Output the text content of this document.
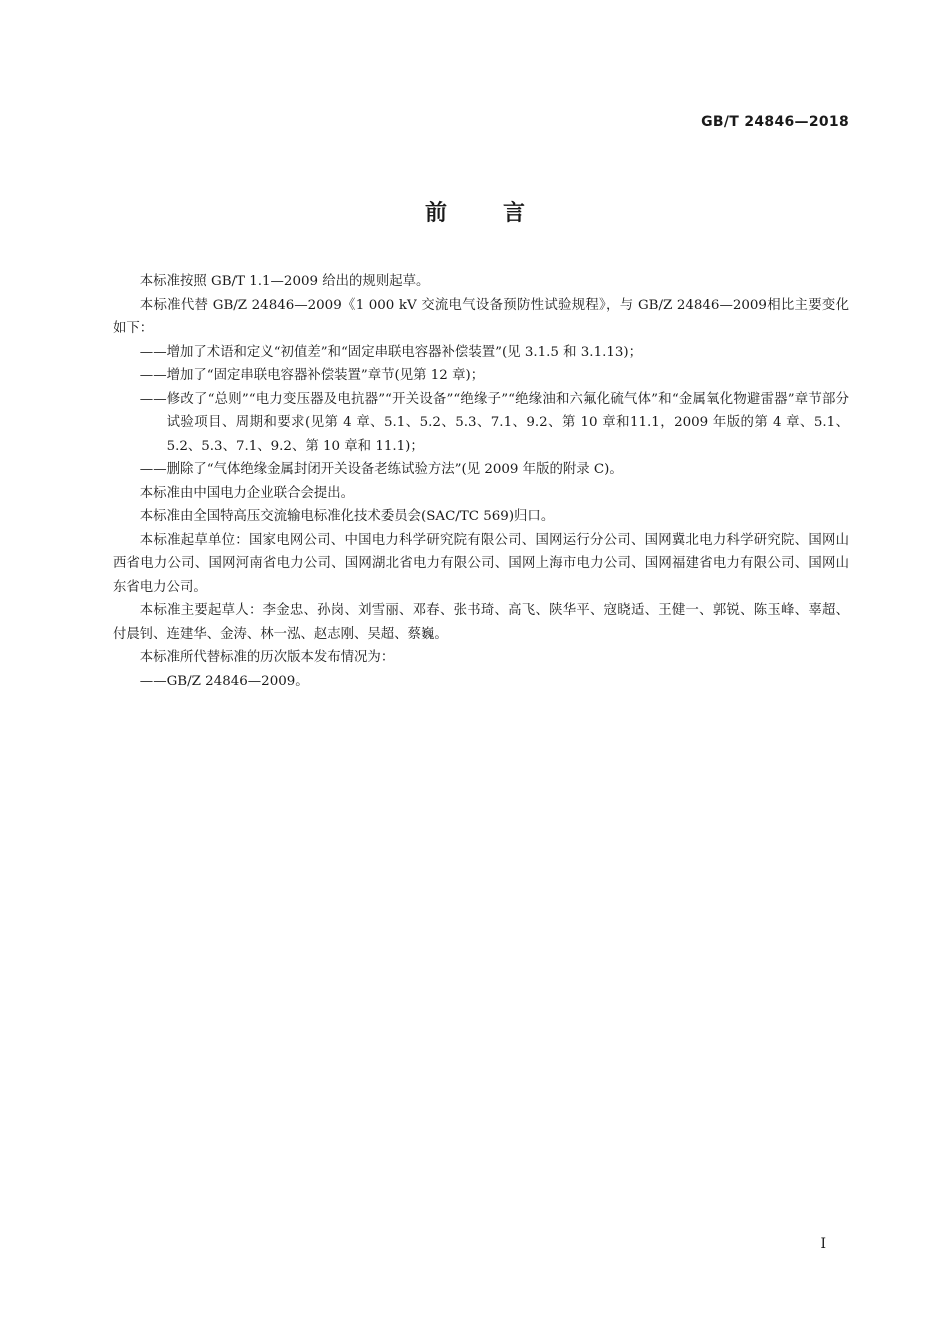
GB/T 24846—2018
前言

本标准按照 GB/T 1.1—2009 给出的规则起草。

本标准代替 GB/Z 24846—2009《1 000 kV 交流电气设备预防性试验规程》，与 GB/Z 24846—2009相比主要变化如下：

——增加了术语和定义“初值差”和“固定串联电容器补偿装置”(见 3.1.5 和 3.1.13)；

——增加了“固定串联电容器补偿装置”章节(见第 12 章)；

——修改了“总则”“电力变压器及电抗器”“开关设备”“绝缘子”“绝缘油和六氟化硫气体”和“金属氧化物避雷器”章节部分试验项目、周期和要求(见第 4 章、5.1、5.2、5.3、7.1、9.2、第 10 章和11.1，2009 年版的第 4 章、5.1、5.2、5.3、7.1、9.2、第 10 章和 11.1)；

——删除了“气体绝缘金属封闭开关设备老练试验方法”(见 2009 年版的附录 C)。

本标准由中国电力企业联合会提出。

本标准由全国特高压交流输电标准化技术委员会(SAC/TC 569)归口。

本标准起草单位：国家电网公司、中国电力科学研究院有限公司、国网运行分公司、国网冀北电力科学研究院、国网山西省电力公司、国网河南省电力公司、国网湖北省电力有限公司、国网上海市电力公司、国网福建省电力有限公司、国网山东省电力公司。

本标准主要起草人：李金忠、孙岗、刘雪丽、邓春、张书琦、高飞、陕华平、寇晓适、王健一、郭锐、陈玉峰、辜超、付晨钊、连建华、金涛、林一泓、赵志刚、吴超、蔡巍。

本标准所代替标准的历次版本发布情况为：

——GB/Z 24846—2009。

I
